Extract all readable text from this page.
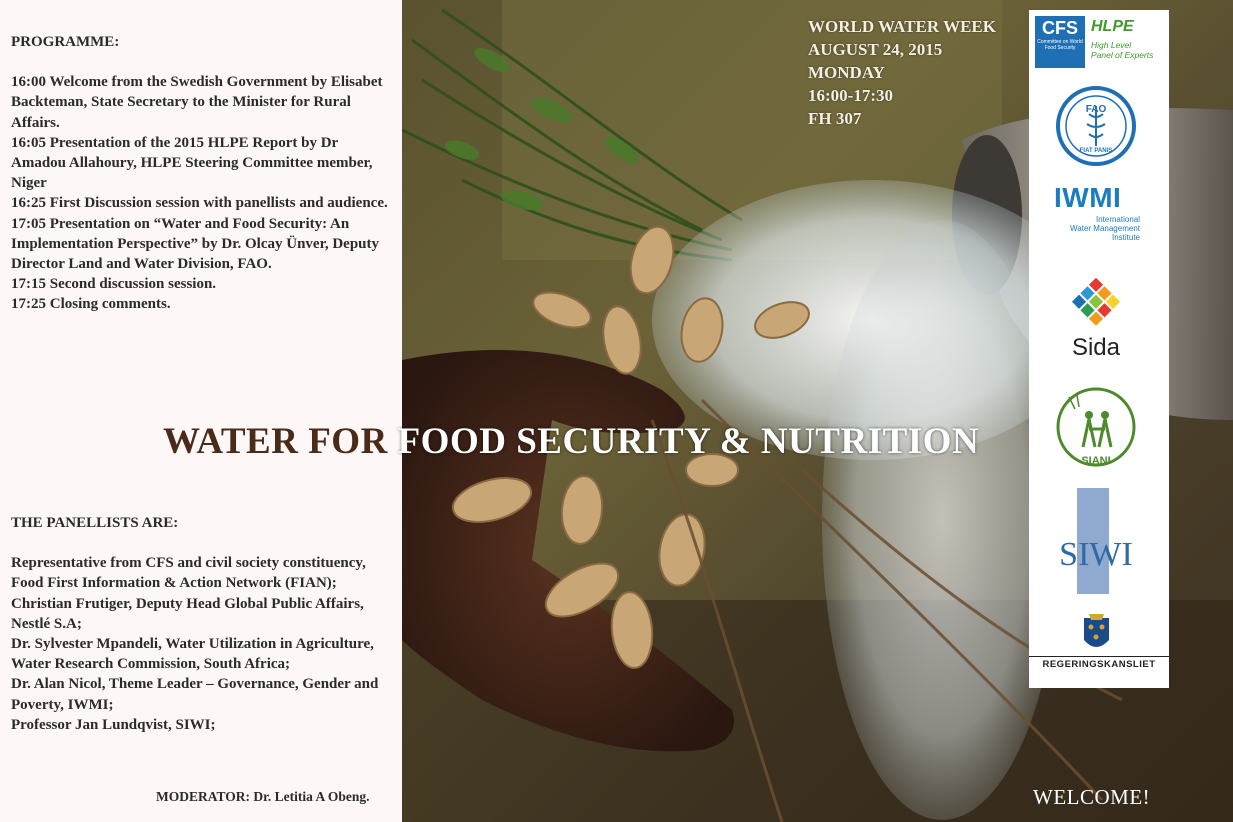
PROGRAMME:
16:00 Welcome from the Swedish Government by Elisabet Backteman, State Secretary to the Minister for Rural Affairs.
16:05 Presentation of the 2015 HLPE Report by Dr Amadou Allahoury, HLPE Steering Committee member, Niger
16:25 First Discussion session with panellists and audience.
17:05 Presentation on “Water and Food Security: An Implementation Perspective” by Dr. Olcay Ünver, Deputy Director Land and Water Division, FAO.
17:15 Second discussion session.
17:25 Closing comments.
THE PANELLISTS ARE:
Representative from CFS and civil society constituency, Food First Information & Action Network (FIAN);
Christian Frutiger, Deputy Head Global Public Affairs, Nestlé S.A;
Dr. Sylvester Mpandeli, Water Utilization in Agriculture, Water Research Commission, South Africa;
Dr. Alan Nicol, Theme Leader – Governance, Gender and Poverty, IWMI;
Professor Jan Lundqvist, SIWI;
MODERATOR: Dr. Letitia A Obeng.
WATER FOR FOOD SECURITY & NUTRITION
WORLD WATER WEEK
AUGUST 24, 2015
MONDAY
16:00-17:30
FH 307
CFS
Committee on World Food Security
HLPE
High Level
Panel of Experts
FAO
FIAT PANIS
IWMI
International
Water Management
Institute
Sida
SIANI
SIWI
REGERINGSKANSLIET
WELCOME!
